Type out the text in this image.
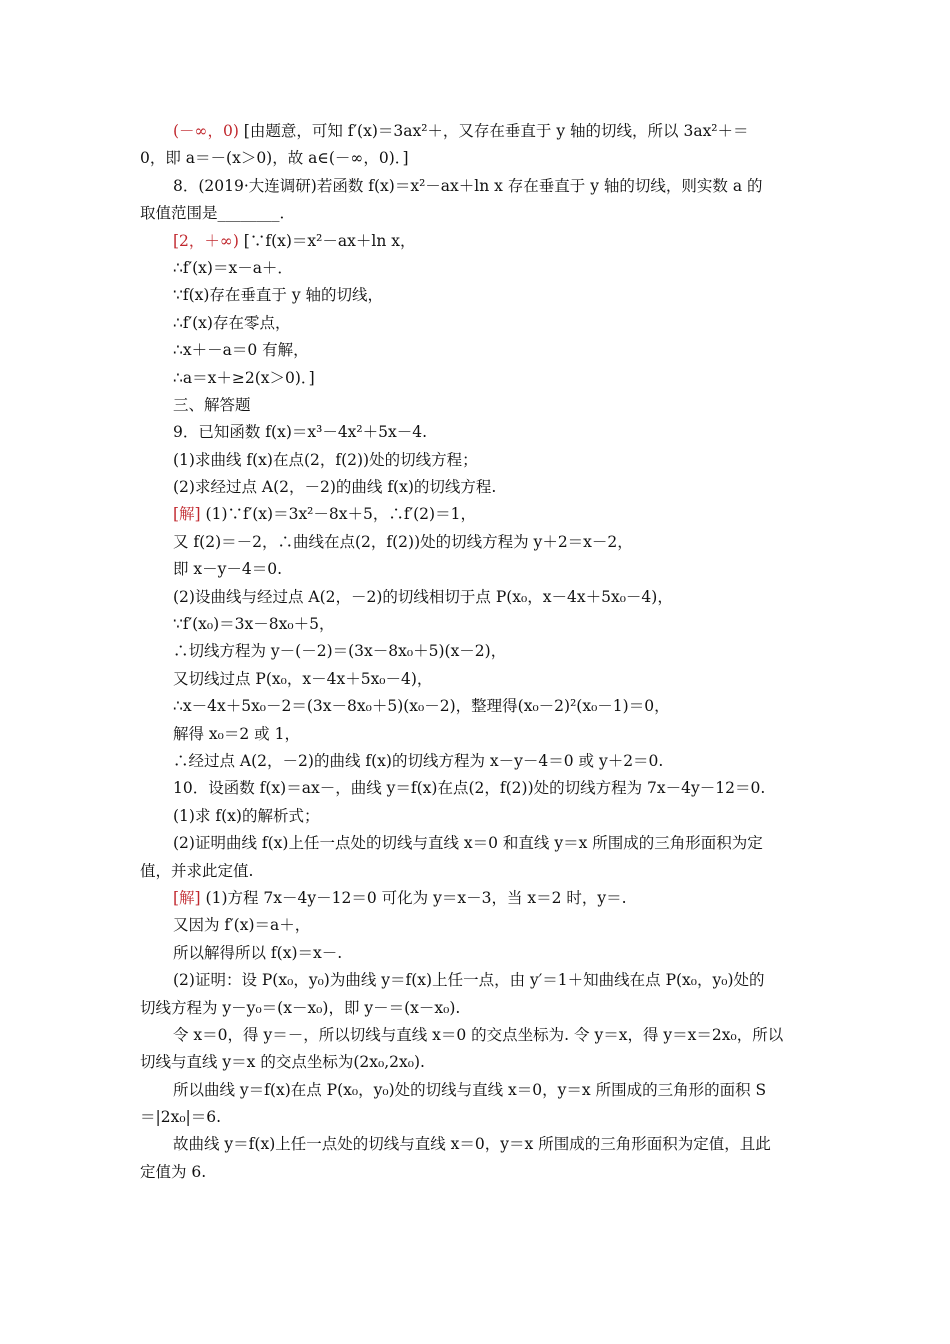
(－∞，0) [由题意，可知 f′(x)＝3ax²＋，又存在垂直于 y 轴的切线，所以 3ax²＋＝
0，即 a＝－(x＞0)，故 a∈(－∞，0)．]
8．(2019·大连调研)若函数 f(x)＝x²－ax＋ln x 存在垂直于 y 轴的切线，则实数 a 的
取值范围是________．
[2，＋∞) [∵f(x)＝x²－ax＋ln x，
∴f′(x)＝x－a＋．
∵f(x)存在垂直于 y 轴的切线，
∴f′(x)存在零点，
∴x＋－a＝0 有解，
∴a＝x＋≥2(x＞0)．]
三、解答题
9．已知函数 f(x)＝x³－4x²＋5x－4.
(1)求曲线 f(x)在点(2，f(2))处的切线方程；
(2)求经过点 A(2，－2)的曲线 f(x)的切线方程.
[解] (1)∵f′(x)＝3x²－8x＋5，∴f′(2)＝1，
又 f(2)＝－2，∴曲线在点(2，f(2))处的切线方程为 y＋2＝x－2，
即 x－y－4＝0.
(2)设曲线与经过点 A(2，－2)的切线相切于点 P(x₀，x－4x＋5x₀－4)，
∵f′(x₀)＝3x－8x₀＋5，
∴切线方程为 y－(－2)＝(3x－8x₀＋5)(x－2)，
又切线过点 P(x₀，x－4x＋5x₀－4)，
∴x－4x＋5x₀－2＝(3x－8x₀＋5)(x₀－2)，整理得(x₀－2)²(x₀－1)＝0，
解得 x₀＝2 或 1，
∴经过点 A(2，－2)的曲线 f(x)的切线方程为 x－y－4＝0 或 y＋2＝0.
10．设函数 f(x)＝ax－，曲线 y＝f(x)在点(2，f(2))处的切线方程为 7x－4y－12＝0.
(1)求 f(x)的解析式；
(2)证明曲线 f(x)上任一点处的切线与直线 x＝0 和直线 y＝x 所围成的三角形面积为定
值，并求此定值.
[解] (1)方程 7x－4y－12＝0 可化为 y＝x－3，当 x＝2 时，y＝.
又因为 f′(x)＝a＋，
所以解得所以 f(x)＝x－.
(2)证明：设 P(x₀，y₀)为曲线 y＝f(x)上任一点，由 y′＝1＋知曲线在点 P(x₀，y₀)处的
切线方程为 y－y₀＝(x－x₀)，即 y－＝(x－x₀).
令 x＝0，得 y＝－，所以切线与直线 x＝0 的交点坐标为. 令 y＝x，得 y＝x＝2x₀，所以
切线与直线 y＝x 的交点坐标为(2x₀,2x₀).
所以曲线 y＝f(x)在点 P(x₀，y₀)处的切线与直线 x＝0，y＝x 所围成的三角形的面积 S
＝|2x₀|＝6.
故曲线 y＝f(x)上任一点处的切线与直线 x＝0，y＝x 所围成的三角形面积为定值，且此
定值为 6.
